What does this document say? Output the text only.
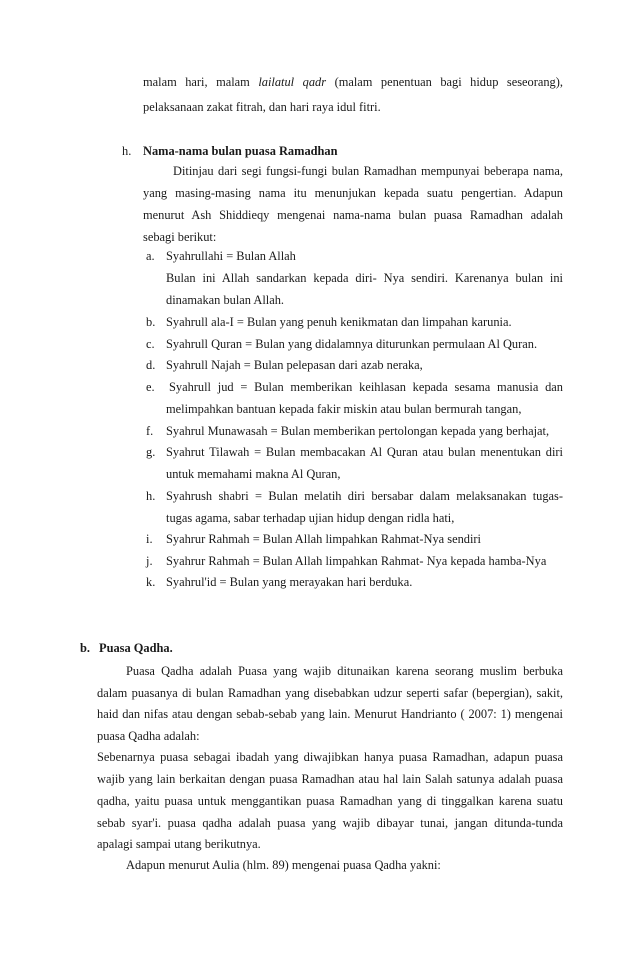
malam hari, malam lailatul qadr (malam penentuan bagi hidup seseorang),
pelaksanaan zakat fitrah, dan hari raya idul fitri.
h. Nama-nama bulan puasa Ramadhan
Ditinjau dari segi fungsi-fungi bulan Ramadhan mempunyai beberapa nama,
yang masing-masing nama itu menunjukan kepada suatu pengertian. Adapun
menurut Ash Shiddieqy mengenai nama-nama bulan puasa Ramadhan adalah
sebagi berikut:
a. Syahrullahi = Bulan Allah
Bulan ini Allah sandarkan kepada diri- Nya sendiri. Karenanya bulan ini
dinamakan bulan Allah.
b. Syahrull ala-I = Bulan yang penuh kenikmatan dan limpahan karunia.
c. Syahrull Quran = Bulan yang didalamnya diturunkan permulaan Al Quran.
d. Syahrull Najah = Bulan pelepasan dari azab neraka,
e. Syahrull jud = Bulan memberikan keihlasan kepada sesama manusia dan
melimpahkan bantuan kepada fakir miskin atau bulan bermurah tangan,
f. Syahrul Munawasah = Bulan memberikan pertolongan kepada yang berhajat,
g. Syahrut Tilawah = Bulan membacakan Al Quran atau bulan menentukan diri
untuk memahami makna Al Quran,
h. Syahrush shabri = Bulan melatih diri bersabar dalam melaksanakan tugas-
tugas agama, sabar terhadap ujian hidup dengan ridla hati,
i. Syahrur Rahmah = Bulan Allah limpahkan Rahmat-Nya sendiri
j. Syahrur Rahmah = Bulan Allah limpahkan Rahmat- Nya kepada hamba-Nya
k. Syahrul'id = Bulan yang merayakan hari berduka.
b. Puasa Qadha.
Puasa Qadha adalah Puasa yang wajib ditunaikan karena seorang muslim berbuka
dalam puasanya di bulan Ramadhan yang disebabkan udzur seperti safar (bepergian), sakit,
haid dan nifas atau dengan sebab-sebab yang lain. Menurut Handrianto ( 2007: 1) mengenai
puasa Qadha adalah:
Sebenarnya puasa sebagai ibadah yang diwajibkan hanya puasa Ramadhan, adapun puasa
wajib yang lain berkaitan dengan puasa Ramadhan atau hal lain Salah satunya adalah puasa
qadha, yaitu puasa untuk menggantikan puasa Ramadhan yang di tinggalkan karena suatu
sebab syar'i. puasa qadha adalah puasa yang wajib dibayar tunai, jangan ditunda-tunda
apalagi sampai utang berikutnya.
Adapun menurut Aulia (hlm. 89) mengenai puasa Qadha yakni:
